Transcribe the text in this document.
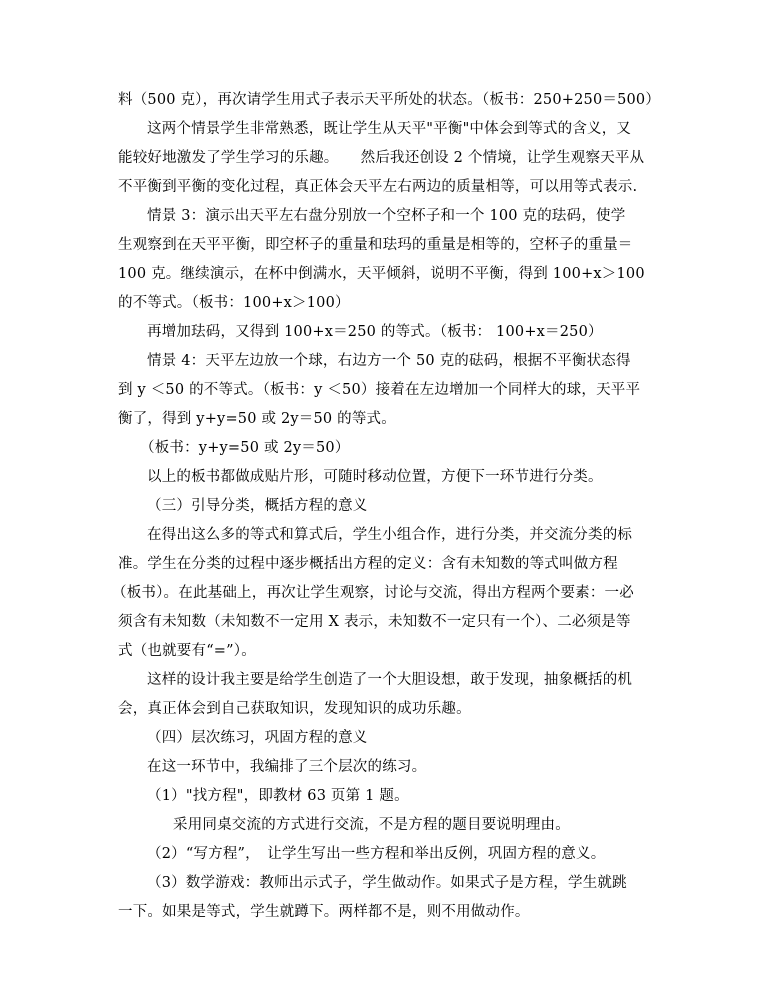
料（500 克），再次请学生用式子表示天平所处的状态。（板书：250+250＝500）
这两个情景学生非常熟悉，既让学生从天平"平衡"中体会到等式的含义，又
能较好地激发了学生学习的乐趣。　　然后我还创设 2 个情境，让学生观察天平从
不平衡到平衡的变化过程，真正体会天平左右两边的质量相等，可以用等式表示.
情景 3：演示出天平左右盘分别放一个空杯子和一个 100 克的珐码，使学
生观察到在天平平衡，即空杯子的重量和珐玛的重量是相等的，空杯子的重量＝
100 克。继续演示，在杯中倒满水，天平倾斜，说明不平衡，得到 100+x＞100
的不等式。（板书：100+x＞100）
再增加珐码，又得到 100+x＝250 的等式。（板书： 100+x＝250）
情景 4：天平左边放一个球，右边方一个 50 克的砝码，根据不平衡状态得
到 y ＜50 的不等式。（板书：y ＜50）接着在左边增加一个同样大的球，天平平
衡了，得到 y+y=50 或 2y＝50 的等式。
（板书：y+y=50 或 2y＝50）
以上的板书都做成贴片形，可随时移动位置，方便下一环节进行分类。
（三）引导分类，概括方程的意义
在得出这么多的等式和算式后，学生小组合作，进行分类，并交流分类的标
准。学生在分类的过程中逐步概括出方程的定义：含有未知数的等式叫做方程
（板书）。在此基础上，再次让学生观察，讨论与交流，得出方程两个要素：一必
须含有未知数（未知数不一定用 X 表示，未知数不一定只有一个）、二必须是等
式（也就要有“=”）。
这样的设计我主要是给学生创造了一个大胆设想，敢于发现，抽象概括的机
会，真正体会到自己获取知识，发现知识的成功乐趣。
（四）层次练习，巩固方程的意义
在这一环节中，我编排了三个层次的练习。
（1）"找方程"，即教材 63 页第 1 题。
采用同桌交流的方式进行交流，不是方程的题目要说明理由。
（2）“写方程”，　让学生写出一些方程和举出反例，巩固方程的意义。
（3）数学游戏：教师出示式子，学生做动作。如果式子是方程，学生就跳
一下。如果是等式，学生就蹲下。两样都不是，则不用做动作。
